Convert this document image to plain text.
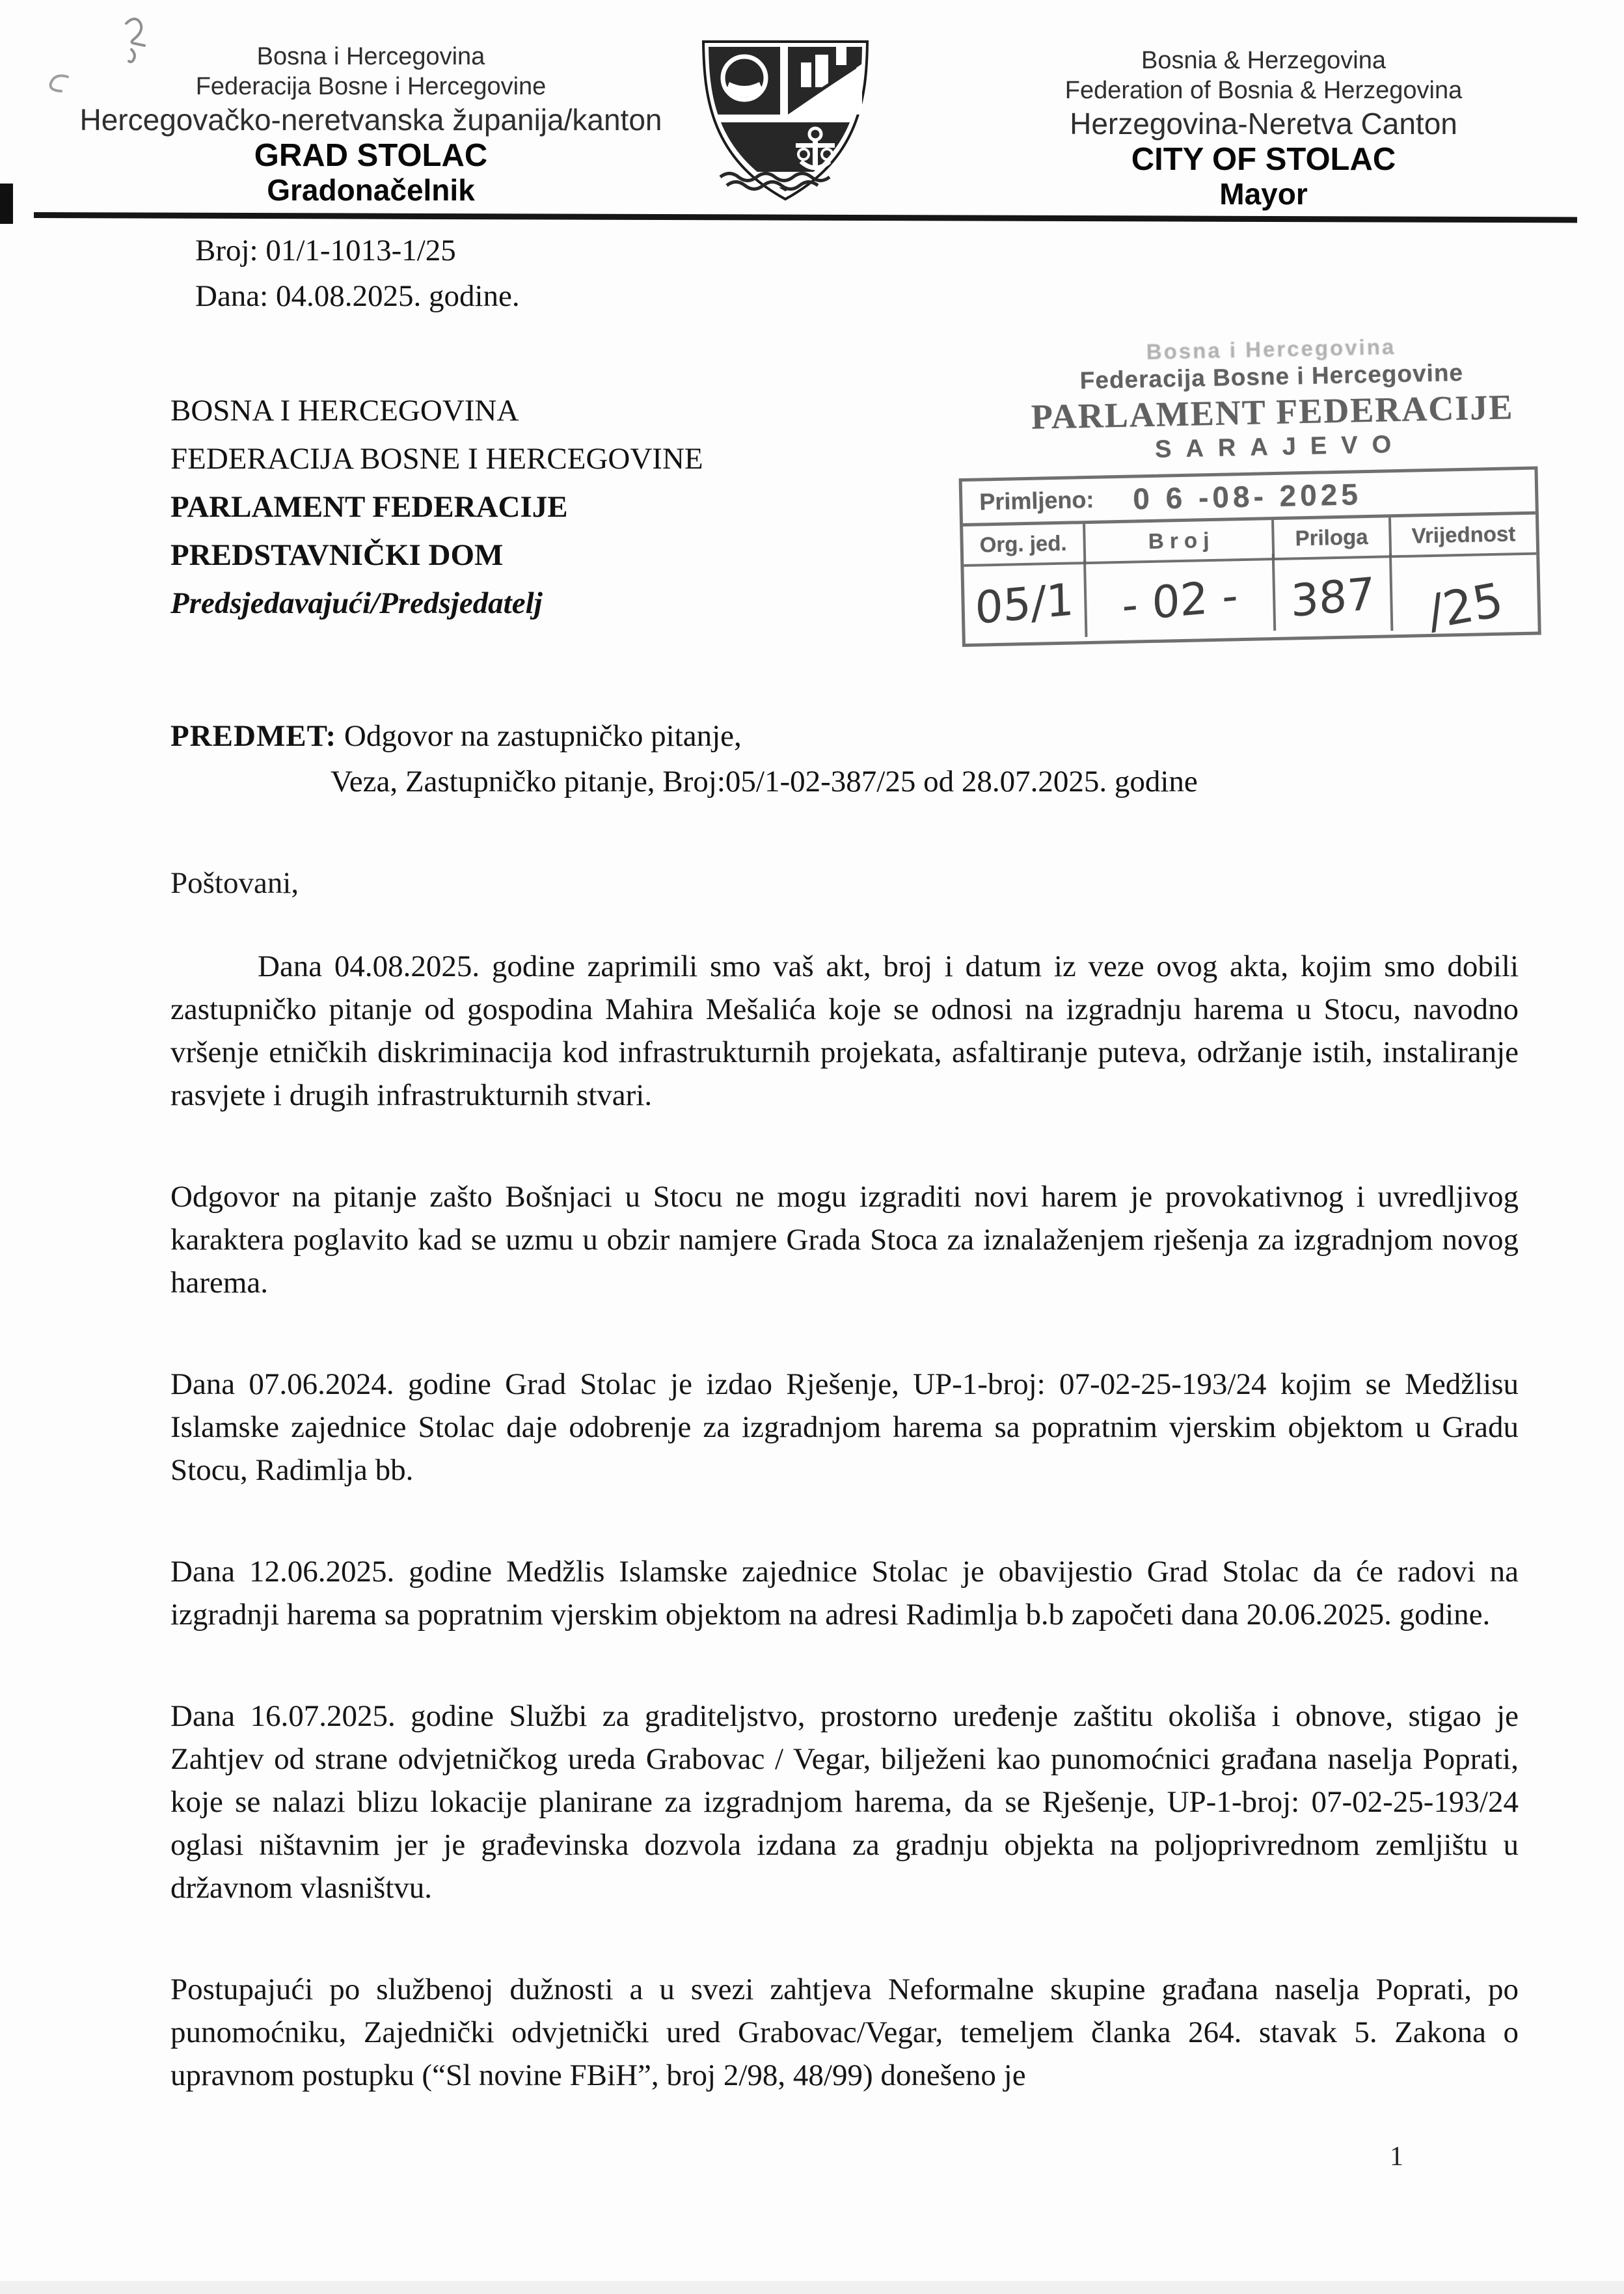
Bosna i Hercegovina
Federacija Bosne i Hercegovine
Hercegovačko-neretvanska županija/kanton
GRAD STOLAC
Gradonačelnik
Bosnia & Herzegovina
Federation of Bosnia & Herzegovina
Herzegovina-Neretva Canton
CITY OF STOLAC
Mayor
Broj: 01/1-1013-1/25
Dana: 04.08.2025. godine.
BOSNA I HERCEGOVINA
FEDERACIJA BOSNE I HERCEGOVINE
PARLAMENT FEDERACIJE
PREDSTAVNIČKI DOM
Predsjedavajući/Predsjedatelj
Bosna i Hercegovina
Federacija Bosne i Hercegovine
PARLAMENT FEDERACIJE
SARAJEVO
Primljeno:	0 6 -08- 2025
Org. jed.	B r o j	Priloga	Vrijednost
05/1	- 02 -	387	/25
PREDMET: Odgovor na zastupničko pitanje,
Veza, Zastupničko pitanje, Broj:05/1-02-387/25 od 28.07.2025. godine
Poštovani,

Dana 04.08.2025. godine zaprimili smo vaš akt, broj i datum iz veze ovog akta, kojim smo dobili zastupničko pitanje od gospodina Mahira Mešalića koje se odnosi na izgradnju harema u Stocu, navodno vršenje etničkih diskriminacija kod infrastrukturnih projekata, asfaltiranje puteva, održanje istih, instaliranje rasvjete i drugih infrastrukturnih stvari.

Odgovor na pitanje zašto Bošnjaci u Stocu ne mogu izgraditi novi harem je provokativnog i uvredljivog karaktera poglavito kad se uzmu u obzir namjere Grada Stoca za iznalaženjem rješenja za izgradnjom novog harema.

Dana 07.06.2024. godine Grad Stolac je izdao Rješenje, UP-1-broj: 07-02-25-193/24 kojim se Medžlisu Islamske zajednice Stolac daje odobrenje za izgradnjom harema sa popratnim vjerskim objektom u Gradu Stocu, Radimlja bb.

Dana 12.06.2025. godine Medžlis Islamske zajednice Stolac je obavijestio Grad Stolac da će radovi na izgradnji harema sa popratnim vjerskim objektom na adresi Radimlja b.b započeti dana 20.06.2025. godine.

Dana 16.07.2025. godine Službi za graditeljstvo, prostorno uređenje zaštitu okoliša i obnove, stigao je Zahtjev od strane odvjetničkog ureda Grabovac / Vegar, bilježeni kao punomoćnici građana naselja Poprati, koje se nalazi blizu lokacije planirane za izgradnjom harema, da se Rješenje, UP-1-broj: 07-02-25-193/24 oglasi ništavnim jer je građevinska dozvola izdana za gradnju objekta na poljoprivrednom zemljištu u državnom vlasništvu.

Postupajući po službenoj dužnosti a u svezi zahtjeva Neformalne skupine građana naselja Poprati, po punomoćniku, Zajednički odvjetnički ured Grabovac/Vegar, temeljem članka 264. stavak 5. Zakona o upravnom postupku (“Sl novine FBiH”, broj 2/98, 48/99) donešeno je

1
